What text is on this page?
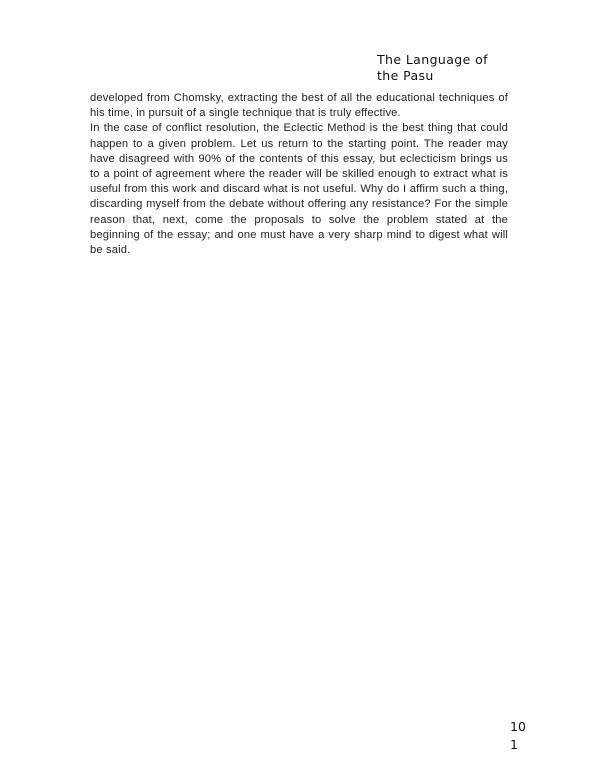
The Language of
the Pasu

developed from Chomsky, extracting the best of all the educational techniques of his time, in pursuit of a single technique that is truly effective.

In the case of conflict resolution, the Eclectic Method is the best thing that could happen to a given problem. Let us return to the starting point. The reader may have disagreed with 90% of the contents of this essay, but eclecticism brings us to a point of agreement where the reader will be skilled enough to extract what is useful from this work and discard what is not useful. Why do I affirm such a thing, discarding myself from the debate without offering any resistance? For the simple reason that, next, come the proposals to solve the problem stated at the beginning of the essay; and one must have a very sharp mind to digest what will be said.

10
1
